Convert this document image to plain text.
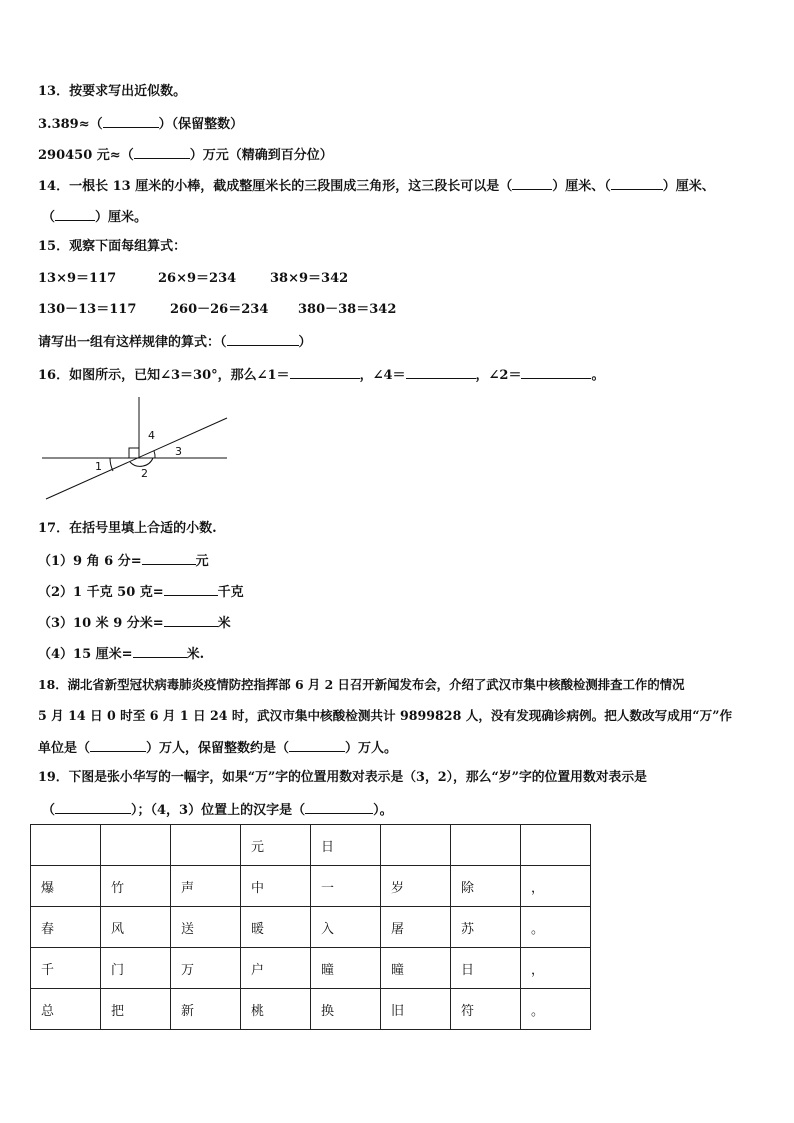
13．按要求写出近似数。
3.389≈（	）（保留整数）
290450 元≈（	）万元（精确到百分位）
14．一根长 13 厘米的小棒，截成整厘米长的三段围成三角形，这三段长可以是（	）厘米、（	）厘米、
（	）厘米。
15．观察下面每组算式：
13×9＝117	26×9＝234	38×9＝342
130－13＝117	260－26＝234 380－38＝342
请写出一组有这样规律的算式：（	）
16．如图所示，已知∠3＝30°，那么∠1＝	，∠4＝	，∠2＝	。
1
2
3
4
17．在括号里填上合适的小数.
（1）9 角 6 分=	元
（2）1 千克 50 克=	千克
（3）10 米 9 分米=	米
（4）15 厘米=	米.
18．湖北省新型冠状病毒肺炎疫情防控指挥部 6 月 2 日召开新闻发布会，介绍了武汉市集中核酸检测排查工作的情况
5 月 14 日 0 时至 6 月 1 日 24 时，武汉市集中核酸检测共计 9899828 人，没有发现确诊病例。把人数改写成用“万”作
单位是（	）万人，保留整数约是（	）万人。
19．下图是张小华写的一幅字，如果“万”字的位置用数对表示是（3，2），那么“岁”字的位置用数对表示是
（	）；（4，3）位置上的汉字是（	）。
			元	日			
爆	竹	声	中	一	岁	除	，
春	风	送	暖	入	屠	苏	。
千	门	万	户	曈	曈	日	，
总	把	新	桃	换	旧	符	。
